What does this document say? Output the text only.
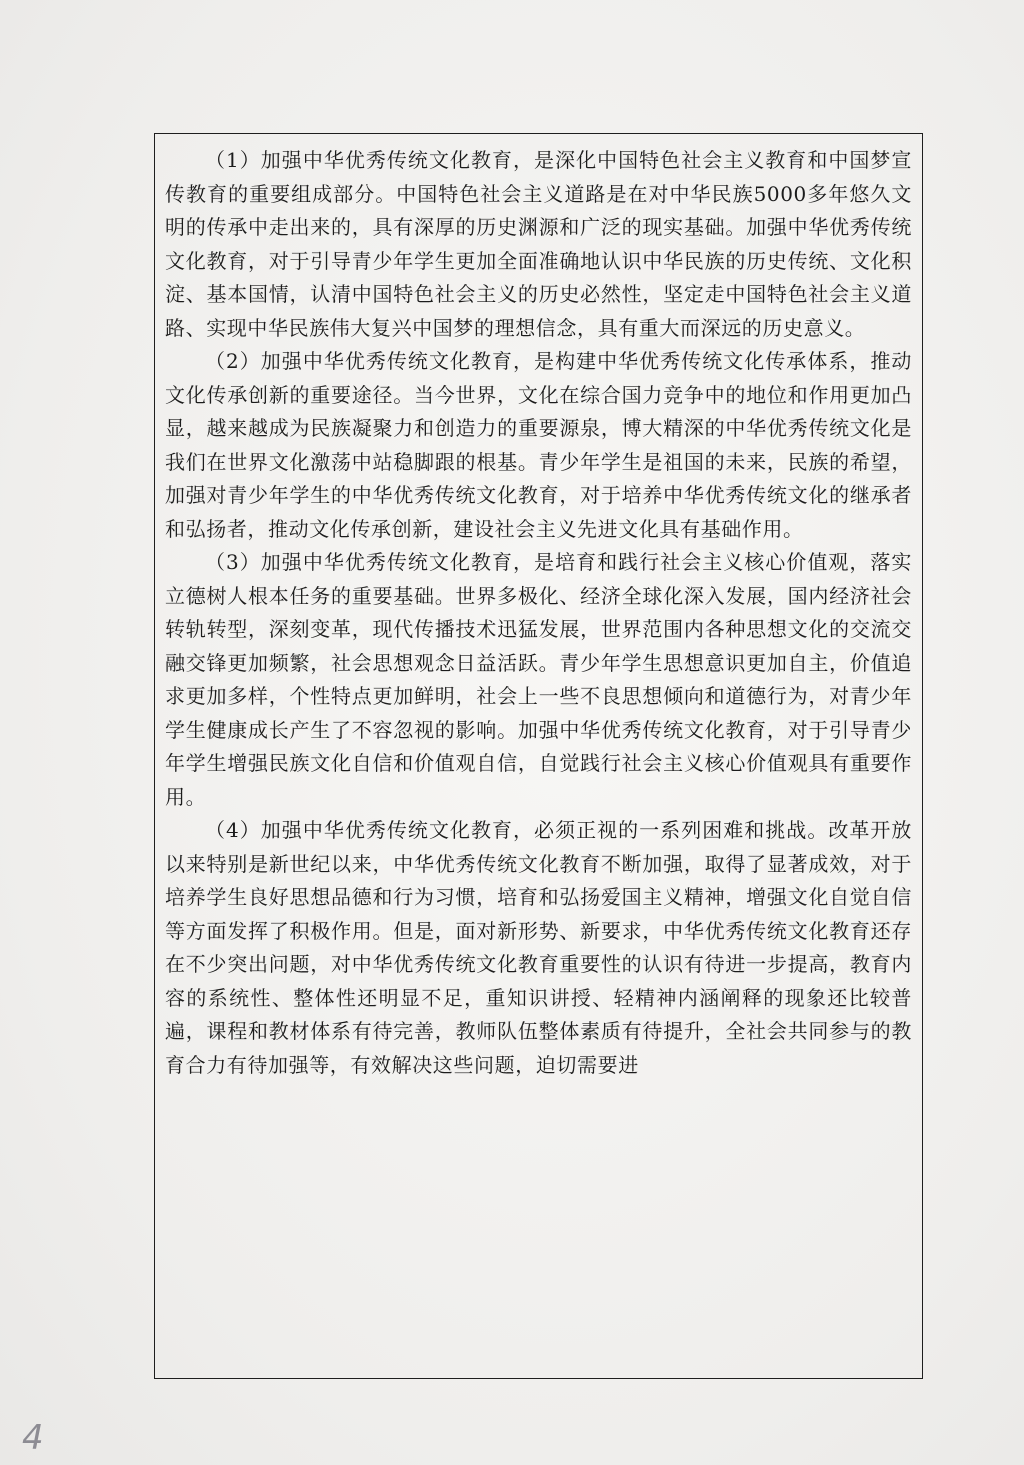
（1）加强中华优秀传统文化教育，是深化中国特色社会主义教育和中国梦宣传教育的重要组成部分。中国特色社会主义道路是在对中华民族5000多年悠久文明的传承中走出来的，具有深厚的历史渊源和广泛的现实基础。加强中华优秀传统文化教育，对于引导青少年学生更加全面准确地认识中华民族的历史传统、文化积淀、基本国情，认清中国特色社会主义的历史必然性，坚定走中国特色社会主义道路、实现中华民族伟大复兴中国梦的理想信念，具有重大而深远的历史意义。

（2）加强中华优秀传统文化教育，是构建中华优秀传统文化传承体系，推动文化传承创新的重要途径。当今世界，文化在综合国力竞争中的地位和作用更加凸显，越来越成为民族凝聚力和创造力的重要源泉，博大精深的中华优秀传统文化是我们在世界文化激荡中站稳脚跟的根基。青少年学生是祖国的未来，民族的希望，加强对青少年学生的中华优秀传统文化教育，对于培养中华优秀传统文化的继承者和弘扬者，推动文化传承创新，建设社会主义先进文化具有基础作用。

（3）加强中华优秀传统文化教育，是培育和践行社会主义核心价值观，落实立德树人根本任务的重要基础。世界多极化、经济全球化深入发展，国内经济社会转轨转型，深刻变革，现代传播技术迅猛发展，世界范围内各种思想文化的交流交融交锋更加频繁，社会思想观念日益活跃。青少年学生思想意识更加自主，价值追求更加多样，个性特点更加鲜明，社会上一些不良思想倾向和道德行为，对青少年学生健康成长产生了不容忽视的影响。加强中华优秀传统文化教育，对于引导青少年学生增强民族文化自信和价值观自信，自觉践行社会主义核心价值观具有重要作用。

（4）加强中华优秀传统文化教育，必须正视的一系列困难和挑战。改革开放以来特别是新世纪以来，中华优秀传统文化教育不断加强，取得了显著成效，对于培养学生良好思想品德和行为习惯，培育和弘扬爱国主义精神，增强文化自觉自信等方面发挥了积极作用。但是，面对新形势、新要求，中华优秀传统文化教育还存在不少突出问题，对中华优秀传统文化教育重要性的认识有待进一步提高，教育内容的系统性、整体性还明显不足，重知识讲授、轻精神内涵阐释的现象还比较普遍，课程和教材体系有待完善，教师队伍整体素质有待提升，全社会共同参与的教育合力有待加强等，有效解决这些问题，迫切需要进

4
